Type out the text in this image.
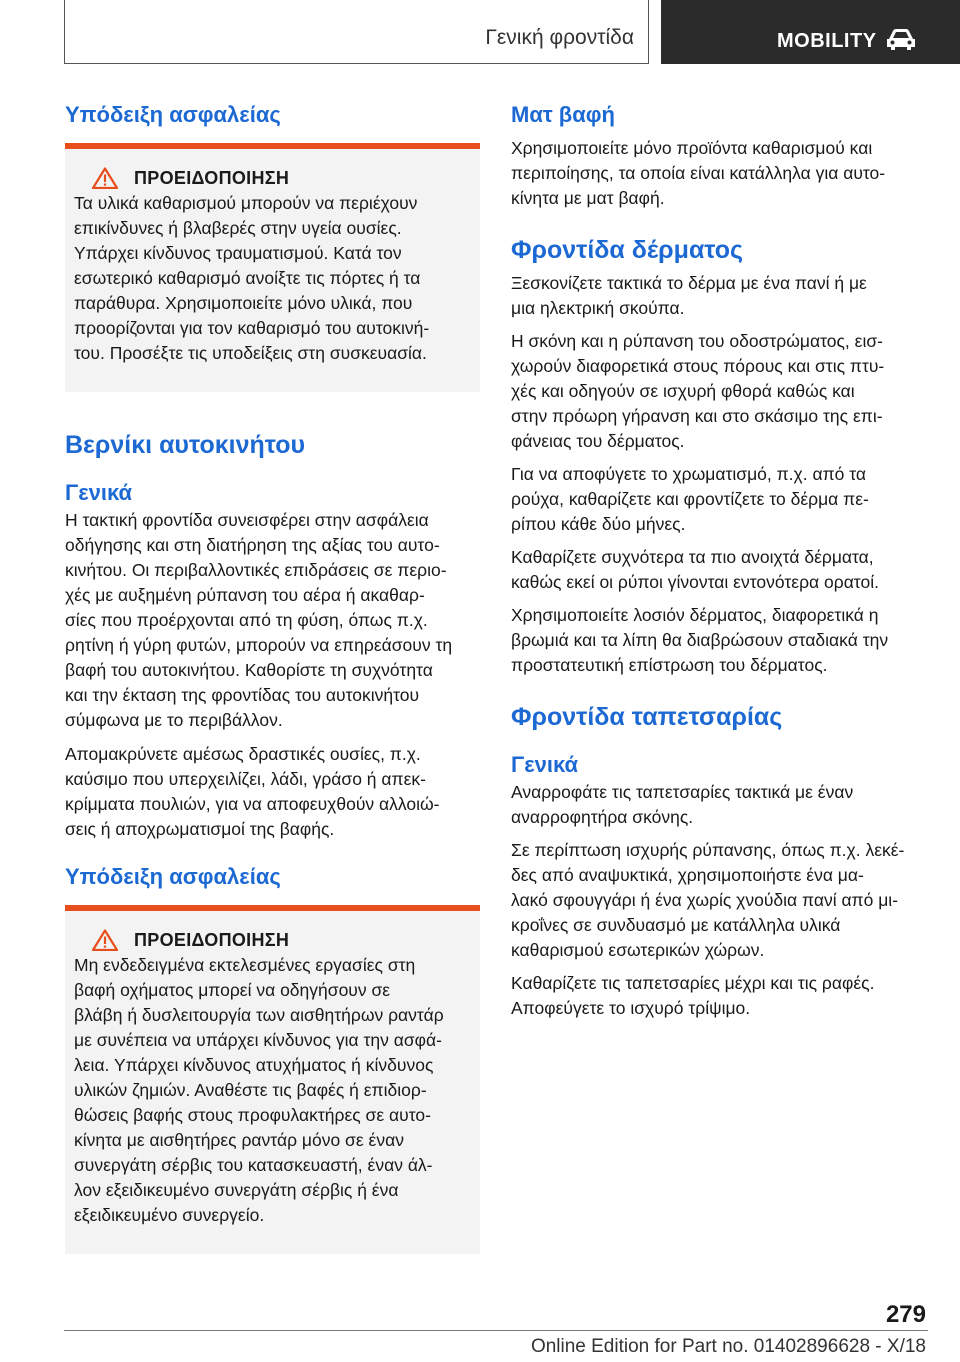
Γενική φροντίδα	MOBILITY
Υπόδειξη ασφαλείας
ΠΡΟΕΙΔΟΠΟΙΗΣΗ

Τα υλικά καθαρισμού μπορούν να περιέχουν
επικίνδυνες ή βλαβερές στην υγεία ουσίες.
Υπάρχει κίνδυνος τραυματισμού. Κατά τον
εσωτερικό καθαρισμό ανοίξτε τις πόρτες ή τα
παράθυρα. Χρησιμοποιείτε μόνο υλικά, που
προορίζονται για τον καθαρισμό του αυτοκινή-
του. Προσέξτε τις υποδείξεις στη συσκευασία.

Βερνίκι αυτοκινήτου
Γενικά

Η τακτική φροντίδα συνεισφέρει στην ασφάλεια
οδήγησης και στη διατήρηση της αξίας του αυτο-
κινήτου. Οι περιβαλλοντικές επιδράσεις σε περιο-
χές με αυξημένη ρύπανση του αέρα ή ακαθαρ-
σίες που προέρχονται από τη φύση, όπως π.χ.
ρητίνη ή γύρη φυτών, μπορούν να επηρεάσουν τη
βαφή του αυτοκινήτου. Καθορίστε τη συχνότητα
και την έκταση της φροντίδας του αυτοκινήτου
σύμφωνα με το περιβάλλον.

Απομακρύνετε αμέσως δραστικές ουσίες, π.χ.
καύσιμο που υπερχειλίζει, λάδι, γράσο ή απεκ-
κρίμματα πουλιών, για να αποφευχθούν αλλοιώ-
σεις ή αποχρωματισμοί της βαφής.

Υπόδειξη ασφαλείας
ΠΡΟΕΙΔΟΠΟΙΗΣΗ

Μη ενδεδειγμένα εκτελεσμένες εργασίες στη
βαφή οχήματος μπορεί να οδηγήσουν σε
βλάβη ή δυσλειτουργία των αισθητήρων ραντάρ
με συνέπεια να υπάρχει κίνδυνος για την ασφά-
λεια. Υπάρχει κίνδυνος ατυχήματος ή κίνδυνος
υλικών ζημιών. Αναθέστε τις βαφές ή επιδιορ-
θώσεις βαφής στους προφυλακτήρες σε αυτο-
κίνητα με αισθητήρες ραντάρ μόνο σε έναν
συνεργάτη σέρβις του κατασκευαστή, έναν άλ-
λον εξειδικευμένο συνεργάτη σέρβις ή ένα
εξειδικευμένο συνεργείο.

Ματ βαφή

Χρησιμοποιείτε μόνο προϊόντα καθαρισμού και
περιποίησης, τα οποία είναι κατάλληλα για αυτο-
κίνητα με ματ βαφή.

Φροντίδα δέρματος

Ξεσκονίζετε τακτικά το δέρμα με ένα πανί ή με
μια ηλεκτρική σκούπα.

Η σκόνη και η ρύπανση του οδοστρώματος, εισ-
χωρούν διαφορετικά στους πόρους και στις πτυ-
χές και οδηγούν σε ισχυρή φθορά καθώς και
στην πρόωρη γήρανση και στο σκάσιμο της επι-
φάνειας του δέρματος.

Για να αποφύγετε το χρωματισμό, π.χ. από τα
ρούχα, καθαρίζετε και φροντίζετε το δέρμα πε-
ρίπου κάθε δύο μήνες.

Καθαρίζετε συχνότερα τα πιο ανοιχτά δέρματα,
καθώς εκεί οι ρύποι γίνονται εντονότερα ορατοί.

Χρησιμοποιείτε λοσιόν δέρματος, διαφορετικά η
βρωμιά και τα λίπη θα διαβρώσουν σταδιακά την
προστατευτική επίστρωση του δέρματος.

Φροντίδα ταπετσαρίας
Γενικά

Αναρροφάτε τις ταπετσαρίες τακτικά με έναν
αναρροφητήρα σκόνης.

Σε περίπτωση ισχυρής ρύπανσης, όπως π.χ. λεκέ-
δες από αναψυκτικά, χρησιμοποιήστε ένα μα-
λακό σφουγγάρι ή ένα χωρίς χνούδια πανί από μι-
κροΐνες σε συνδυασμό με κατάλληλα υλικά
καθαρισμού εσωτερικών χώρων.

Καθαρίζετε τις ταπετσαρίες μέχρι και τις ραφές.
Αποφεύγετε το ισχυρό τρίψιμο.

279
Online Edition for Part no. 01402896628 - X/18
